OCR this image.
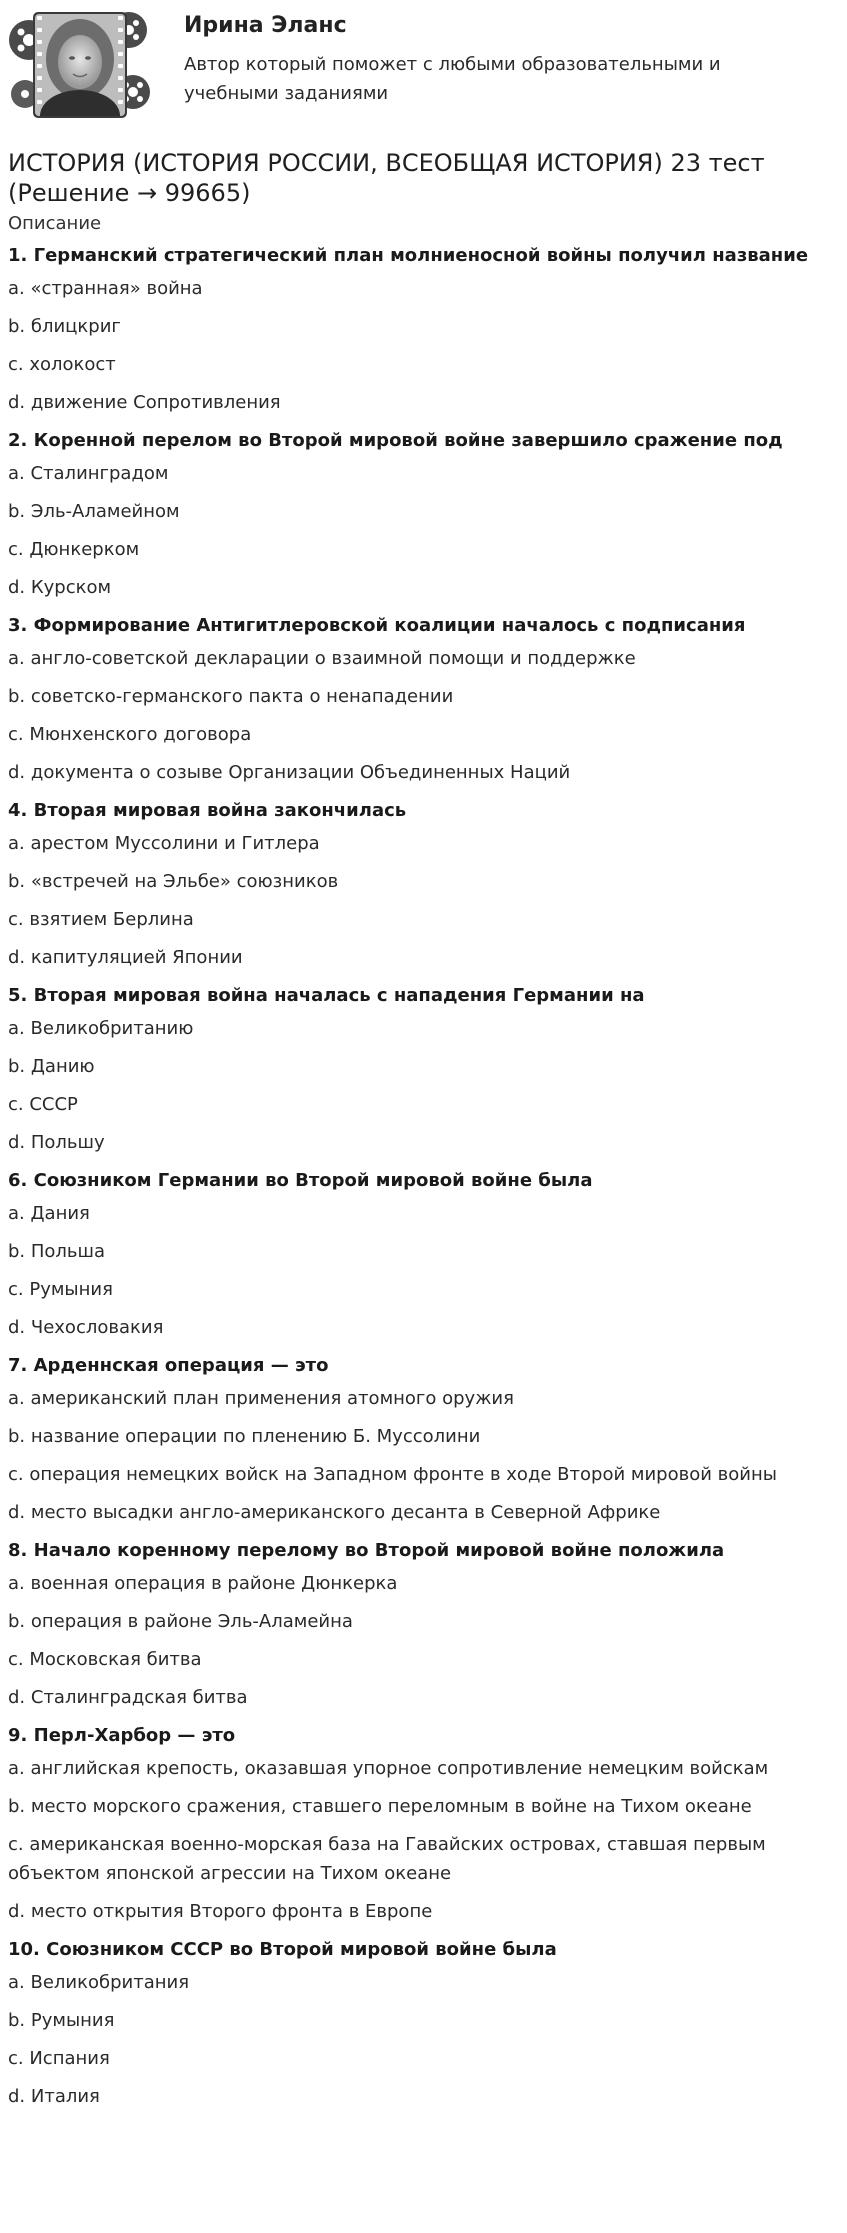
Ирина Эланс
Автор который поможет с любыми образовательными и учебными заданиями
ИСТОРИЯ (ИСТОРИЯ РОССИИ, ВСЕОБЩАЯ ИСТОРИЯ) 23 тест (Решение → 99665)
Описание
1. Германский стратегический план молниеносной войны получил название
a. «странная» война
b. блицкриг
c. холокост
d. движение Сопротивления
2. Коренной перелом во Второй мировой войне завершило сражение под
a. Сталинградом
b. Эль-Аламейном
c. Дюнкерком
d. Курском
3. Формирование Антигитлеровской коалиции началось с подписания
a. англо-советской декларации о взаимной помощи и поддержке
b. советско-германского пакта о ненападении
c. Мюнхенского договора
d. документа о созыве Организации Объединенных Наций
4. Вторая мировая война закончилась
a. арестом Муссолини и Гитлера
b. «встречей на Эльбе» союзников
c. взятием Берлина
d. капитуляцией Японии
5. Вторая мировая война началась с нападения Германии на
a. Великобританию
b. Данию
c. СССР
d. Польшу
6. Союзником Германии во Второй мировой войне была
a. Дания
b. Польша
c. Румыния
d. Чехословакия
7. Арденнская операция — это
a. американский план применения атомного оружия
b. название операции по пленению Б. Муссолини
c. операция немецких войск на Западном фронте в ходе Второй мировой войны
d. место высадки англо-американского десанта в Северной Африке
8. Начало коренному перелому во Второй мировой войне положила
a. военная операция в районе Дюнкерка
b. операция в районе Эль-Аламейна
c. Московская битва
d. Сталинградская битва
9. Перл-Харбор — это
a. английская крепость, оказавшая упорное сопротивление немецким войскам
b. место морского сражения, ставшего переломным в войне на Тихом океане
c. американская военно-морская база на Гавайских островах, ставшая первым объектом японской агрессии на Тихом океане
d. место открытия Второго фронта в Европе
10. Союзником СССР во Второй мировой войне была
a. Великобритания
b. Румыния
c. Испания
d. Италия
